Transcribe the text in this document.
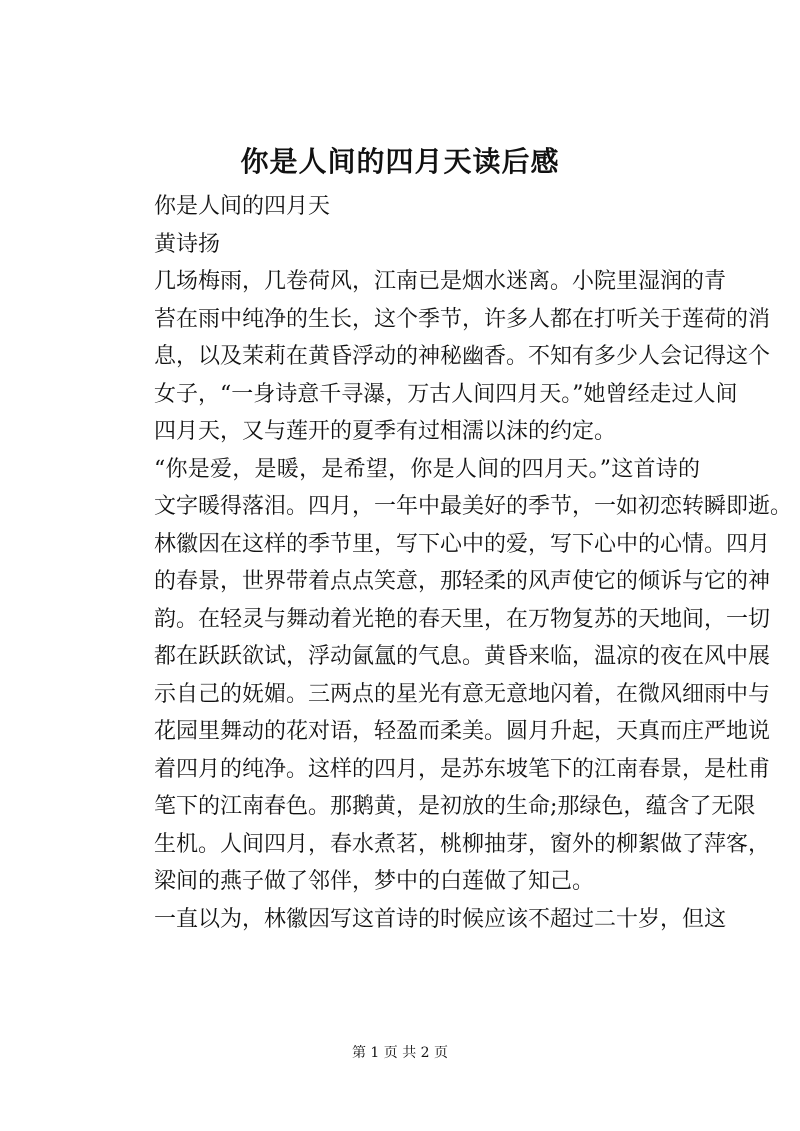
你是人间的四月天读后感

你是人间的四月天

黄诗扬

几场梅雨，几卷荷风，江南已是烟水迷离。小院里湿润的青
苔在雨中纯净的生长，这个季节，许多人都在打听关于莲荷的消
息，以及茉莉在黄昏浮动的神秘幽香。不知有多少人会记得这个
女子，“一身诗意千寻瀑，万古人间四月天。”她曾经走过人间
四月天，又与莲开的夏季有过相濡以沫的约定。

“你是爱，是暖，是希望，你是人间的四月天。”这首诗的
文字暖得落泪。四月，一年中最美好的季节，一如初恋转瞬即逝。
林徽因在这样的季节里，写下心中的爱，写下心中的心情。四月
的春景，世界带着点点笑意，那轻柔的风声使它的倾诉与它的神
韵。在轻灵与舞动着光艳的春天里，在万物复苏的天地间，一切
都在跃跃欲试，浮动氤氲的气息。黄昏来临，温凉的夜在风中展
示自己的妩媚。三两点的星光有意无意地闪着，在微风细雨中与
花园里舞动的花对语，轻盈而柔美。圆月升起，天真而庄严地说
着四月的纯净。这样的四月，是苏东坡笔下的江南春景，是杜甫
笔下的江南春色。那鹅黄，是初放的生命;那绿色，蕴含了无限
生机。人间四月，春水煮茗，桃柳抽芽，窗外的柳絮做了萍客，
梁间的燕子做了邻伴，梦中的白莲做了知己。

一直以为，林徽因写这首诗的时候应该不超过二十岁，但这

第 1 页 共 2 页
